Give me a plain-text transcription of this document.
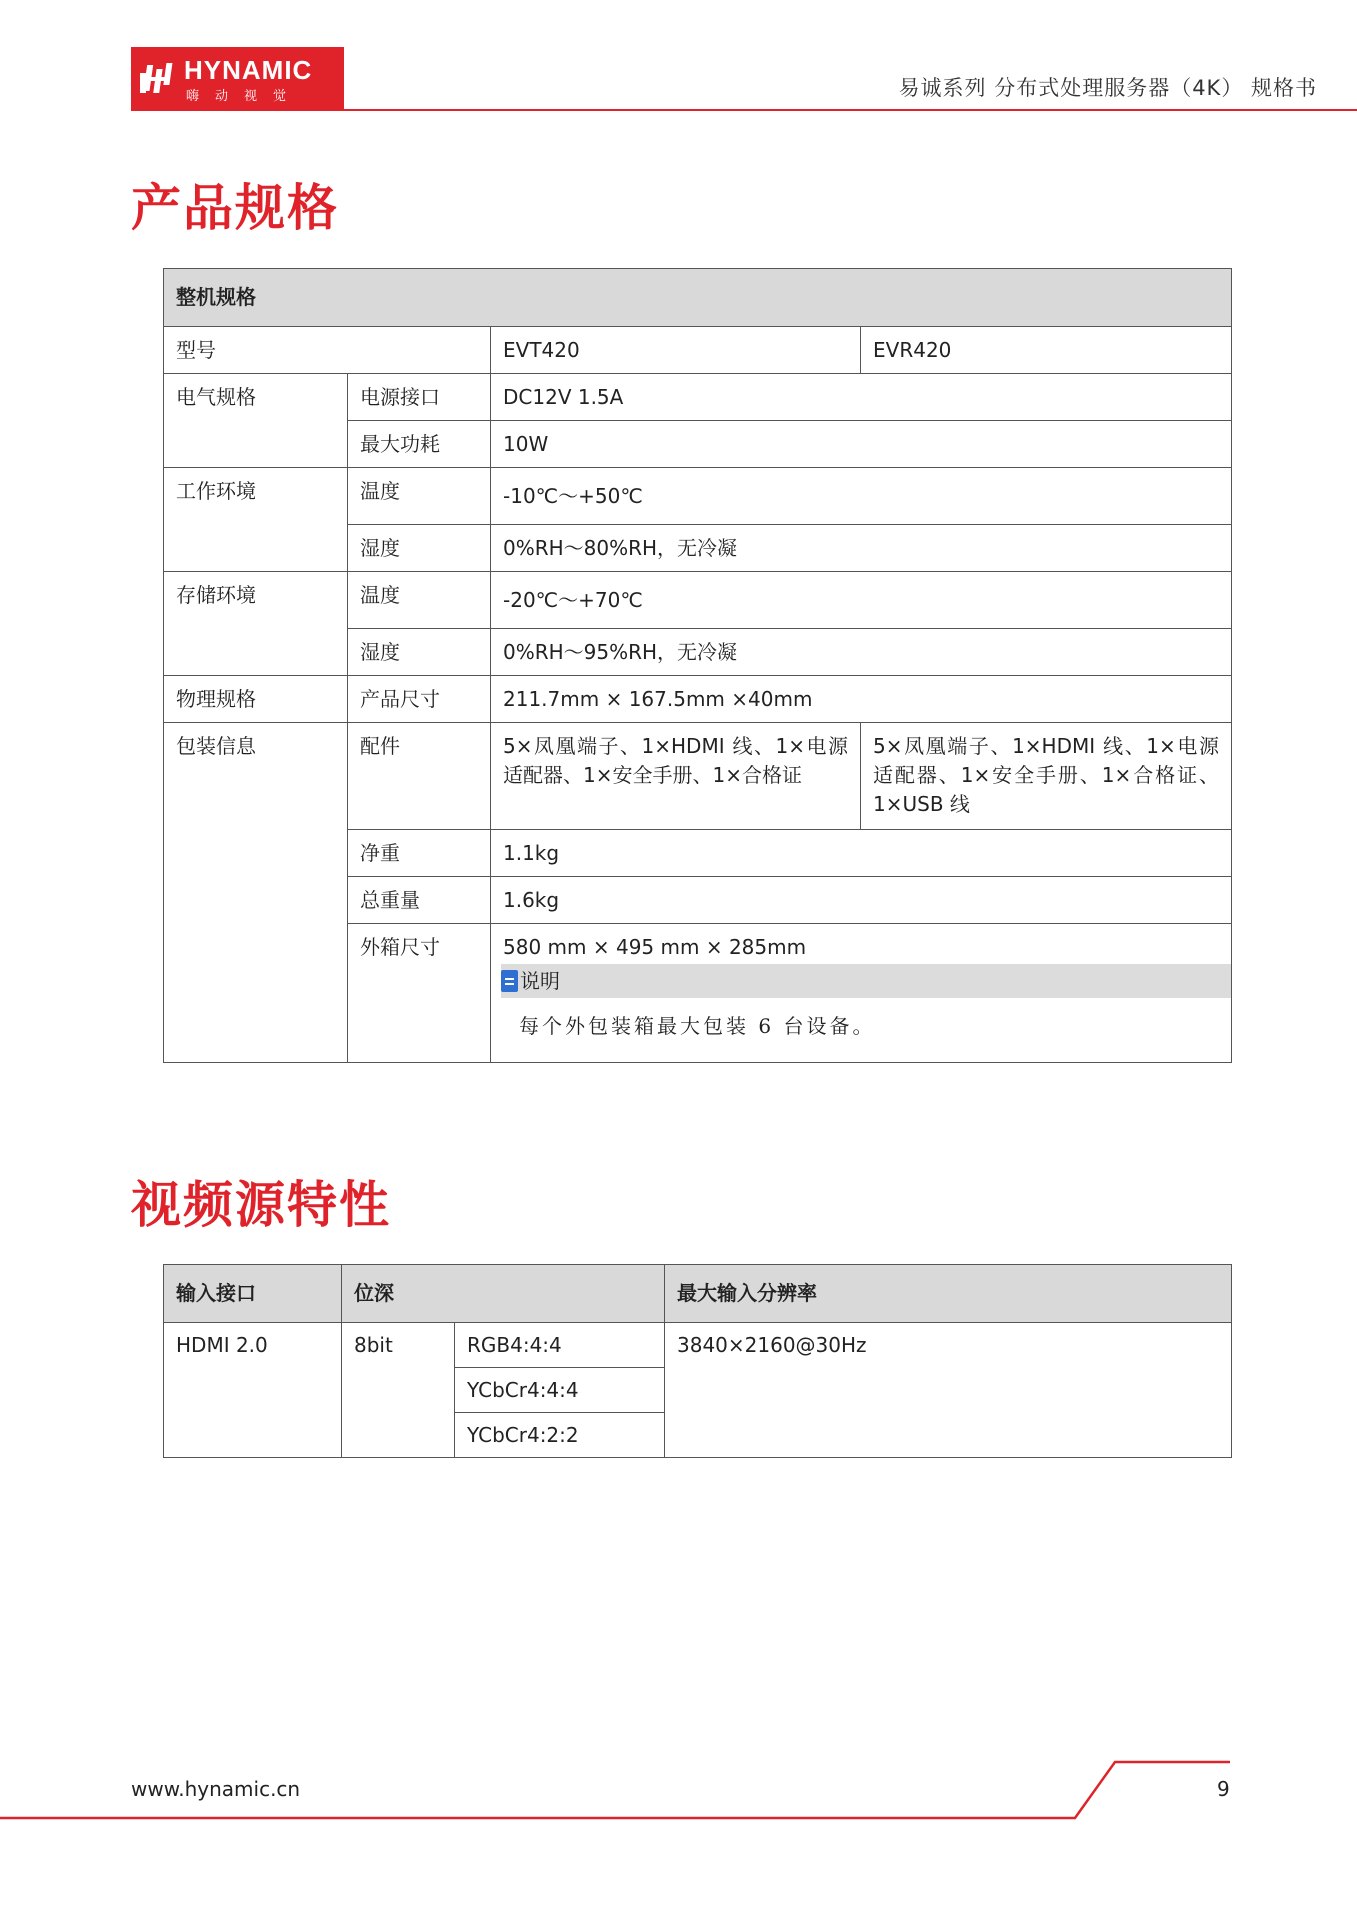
HYNAMIC
嗨动视觉	易诚系列 分布式处理服务器（4K） 规格书
产品规格
整机规格			
型号		EVT420	EVR420
电气规格	电源接口	DC12V 1.5A	
	最大功耗	10W	
工作环境	温度	-10℃～+50℃	
	湿度	0%RH～80%RH，无冷凝	
存储环境	温度	-20℃～+70℃	
	湿度	0%RH～95%RH，无冷凝	
物理规格	产品尺寸	211.7mm × 167.5mm ×40mm	
包装信息	配件	5×凤凰端子、1×HDMI 线、1×电源适配器、1×安全手册、1×合格证	5×凤凰端子、1×HDMI 线、1×电源适配器、1×安全手册、1×合格证、1×USB 线
	净重	1.1kg	
	总重量	1.6kg	
	外箱尺寸	580 mm × 495 mm × 285mm
说明
每个外包装箱最大包装 6 台设备。	
视频源特性
输入接口	位深		最大输入分辨率
HDMI 2.0	8bit	RGB4:4:4	3840×2160@30Hz
		YCbCr4:4:4	
		YCbCr4:2:2	
www.hynamic.cn	9
